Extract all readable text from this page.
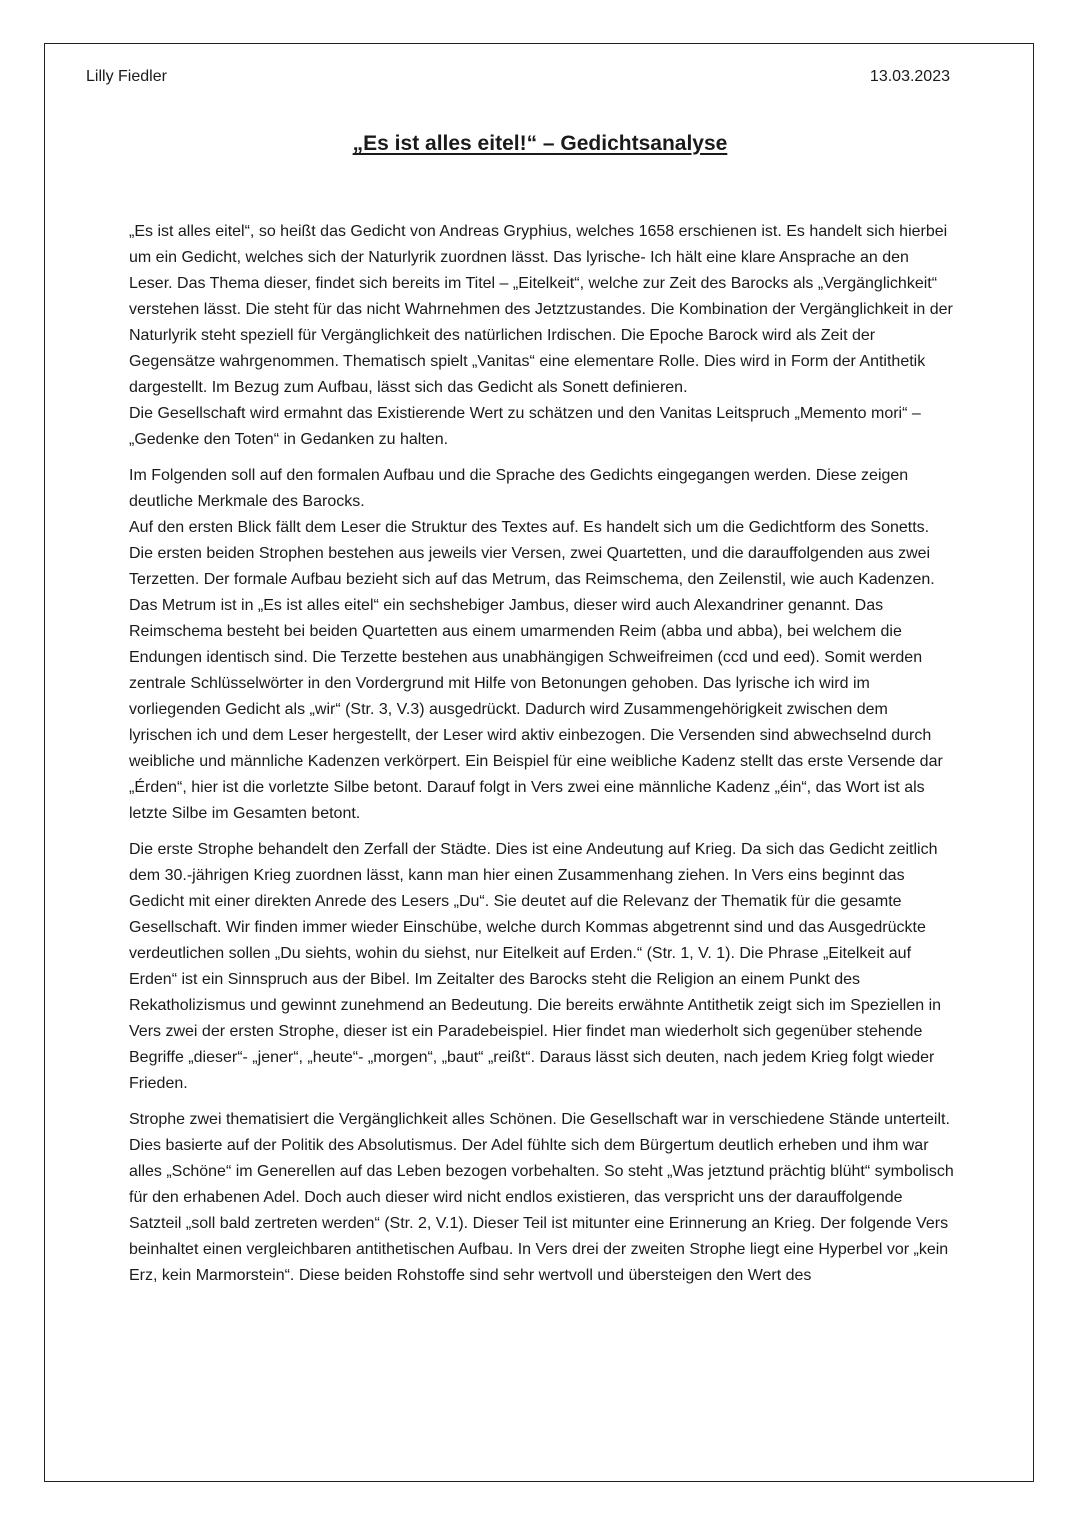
Lilly Fiedler	13.03.2023
„Es ist alles eitel!“ – Gedichtsanalyse

„Es ist alles eitel“, so heißt das Gedicht von Andreas Gryphius, welches 1658 erschienen ist. Es handelt sich hierbei um ein Gedicht, welches sich der Naturlyrik zuordnen lässt. Das lyrische- Ich hält eine klare Ansprache an den Leser. Das Thema dieser, findet sich bereits im Titel – „Eitelkeit“, welche zur Zeit des Barocks als „Vergänglichkeit“ verstehen lässt. Die steht für das nicht Wahrnehmen des Jetztzustandes. Die Kombination der Vergänglichkeit in der Naturlyrik steht speziell für Vergänglichkeit des natürlichen Irdischen. Die Epoche Barock wird als Zeit der Gegensätze wahrgenommen. Thematisch spielt „Vanitas“ eine elementare Rolle. Dies wird in Form der Antithetik dargestellt. Im Bezug zum Aufbau, lässt sich das Gedicht als Sonett definieren.

Die Gesellschaft wird ermahnt das Existierende Wert zu schätzen und den Vanitas Leitspruch „Memento mori“ – „Gedenke den Toten“ in Gedanken zu halten.

Im Folgenden soll auf den formalen Aufbau und die Sprache des Gedichts eingegangen werden. Diese zeigen deutliche Merkmale des Barocks.

Auf den ersten Blick fällt dem Leser die Struktur des Textes auf. Es handelt sich um die Gedichtform des Sonetts. Die ersten beiden Strophen bestehen aus jeweils vier Versen, zwei Quartetten, und die darauffolgenden aus zwei Terzetten. Der formale Aufbau bezieht sich auf das Metrum, das Reimschema, den Zeilenstil, wie auch Kadenzen. Das Metrum ist in „Es ist alles eitel“ ein sechshebiger Jambus, dieser wird auch Alexandriner genannt. Das Reimschema besteht bei beiden Quartetten aus einem umarmenden Reim (abba und abba), bei welchem die Endungen identisch sind. Die Terzette bestehen aus unabhängigen Schweifreimen (ccd und eed). Somit werden zentrale Schlüsselwörter in den Vordergrund mit Hilfe von Betonungen gehoben. Das lyrische ich wird im vorliegenden Gedicht als „wir“ (Str. 3, V.3) ausgedrückt. Dadurch wird Zusammengehörigkeit zwischen dem lyrischen ich und dem Leser hergestellt, der Leser wird aktiv einbezogen. Die Versenden sind abwechselnd durch weibliche und männliche Kadenzen verkörpert. Ein Beispiel für eine weibliche Kadenz stellt das erste Versende dar „Érden“, hier ist die vorletzte Silbe betont. Darauf folgt in Vers zwei eine männliche Kadenz „éin“, das Wort ist als letzte Silbe im Gesamten betont.

Die erste Strophe behandelt den Zerfall der Städte. Dies ist eine Andeutung auf Krieg. Da sich das Gedicht zeitlich dem 30.-jährigen Krieg zuordnen lässt, kann man hier einen Zusammenhang ziehen. In Vers eins beginnt das Gedicht mit einer direkten Anrede des Lesers „Du“. Sie deutet auf die Relevanz der Thematik für die gesamte Gesellschaft. Wir finden immer wieder Einschübe, welche durch Kommas abgetrennt sind und das Ausgedrückte verdeutlichen sollen „Du siehts, wohin du siehst, nur Eitelkeit auf Erden.“ (Str. 1, V. 1). Die Phrase „Eitelkeit auf Erden“ ist ein Sinnspruch aus der Bibel. Im Zeitalter des Barocks steht die Religion an einem Punkt des Rekatholizismus und gewinnt zunehmend an Bedeutung. Die bereits erwähnte Antithetik zeigt sich im Speziellen in Vers zwei der ersten Strophe, dieser ist ein Paradebeispiel. Hier findet man wiederholt sich gegenüber stehende Begriffe „dieser“- „jener“, „heute“- „morgen“, „baut“ „reißt“. Daraus lässt sich deuten, nach jedem Krieg folgt wieder Frieden.

Strophe zwei thematisiert die Vergänglichkeit alles Schönen. Die Gesellschaft war in verschiedene Stände unterteilt. Dies basierte auf der Politik des Absolutismus. Der Adel fühlte sich dem Bürgertum deutlich erheben und ihm war alles „Schöne“ im Generellen auf das Leben bezogen vorbehalten. So steht „Was jetztund prächtig blüht“ symbolisch für den erhabenen Adel. Doch auch dieser wird nicht endlos existieren, das verspricht uns der darauffolgende Satzteil „soll bald zertreten werden“ (Str. 2, V.1). Dieser Teil ist mitunter eine Erinnerung an Krieg. Der folgende Vers beinhaltet einen vergleichbaren antithetischen Aufbau. In Vers drei der zweiten Strophe liegt eine Hyperbel vor „kein Erz, kein Marmorstein“. Diese beiden Rohstoffe sind sehr wertvoll und übersteigen den Wert des
